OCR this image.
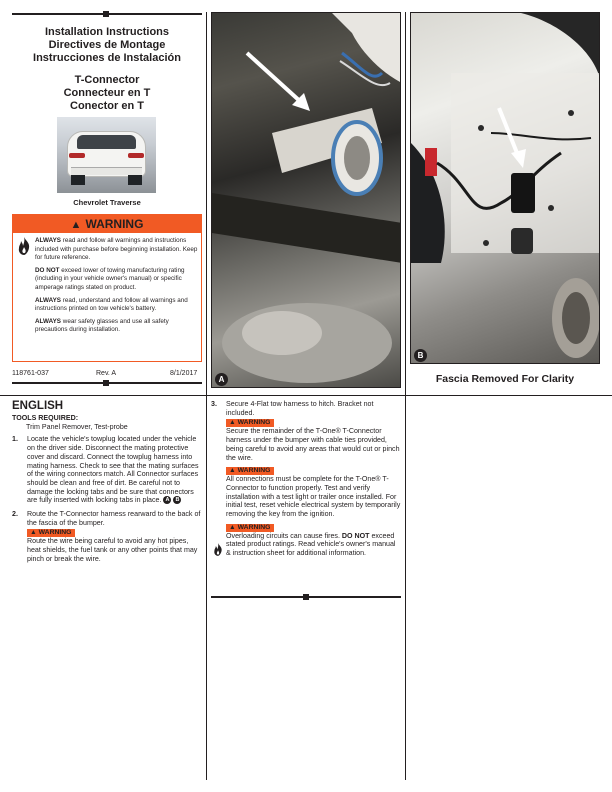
Installation Instructions
Directives de Montage
Instrucciones de Instalación
T-Connector
Connecteur en T
Conector en T
Chevrolet Traverse
▲ WARNING

ALWAYS read and follow all warnings and instructions included with purchase before beginning installation. Keep for future reference.

DO NOT exceed lower of towing manufacturing rating (including in your vehicle owner's manual) or specific amperage ratings stated on product.

ALWAYS read, understand and follow all warnings and instructions printed on tow vehicle's battery.

ALWAYS wear safety glasses and use all safety precautions during installation.

118761-037	Rev. A	8/1/2017
A
B
Fascia Removed For Clarity
ENGLISH
TOOLS REQUIRED:
Trim Panel Remover, Test-probe
1. Locate the vehicle's towplug located under the vehicle on the driver side. Disconnect the mating protective cover and discard. Connect the towplug harness into mating harness. Check to see that the mating surfaces of the wiring connectors match. All Connector surfaces should be clean and free of dirt. Be careful not to damage the locking tabs and be sure that connectors are fully inserted with locking tabs in place. A B
2. Route the T-Connector harness rearward to the back of the fascia of the bumper.
▲ WARNING
Route the wire being careful to avoid any hot pipes, heat shields, the fuel tank or any other points that may pinch or break the wire.
3. Secure 4-Flat tow harness to hitch. Bracket not included.
▲ WARNING
Secure the remainder of the T-One® T-Connector harness under the bumper with cable ties provided, being careful to avoid any areas that would cut or pinch the wire.
▲ WARNING
All connections must be complete for the T-One® T-Connector to function properly. Test and verify installation with a test light or trailer once installed. For initial test, reset vehicle electrical system by temporarily removing the key from the ignition.
▲ WARNING
Overloading circuits can cause fires. DO NOT exceed stated product ratings. Read vehicle's owner's manual & instruction sheet for additional information.
